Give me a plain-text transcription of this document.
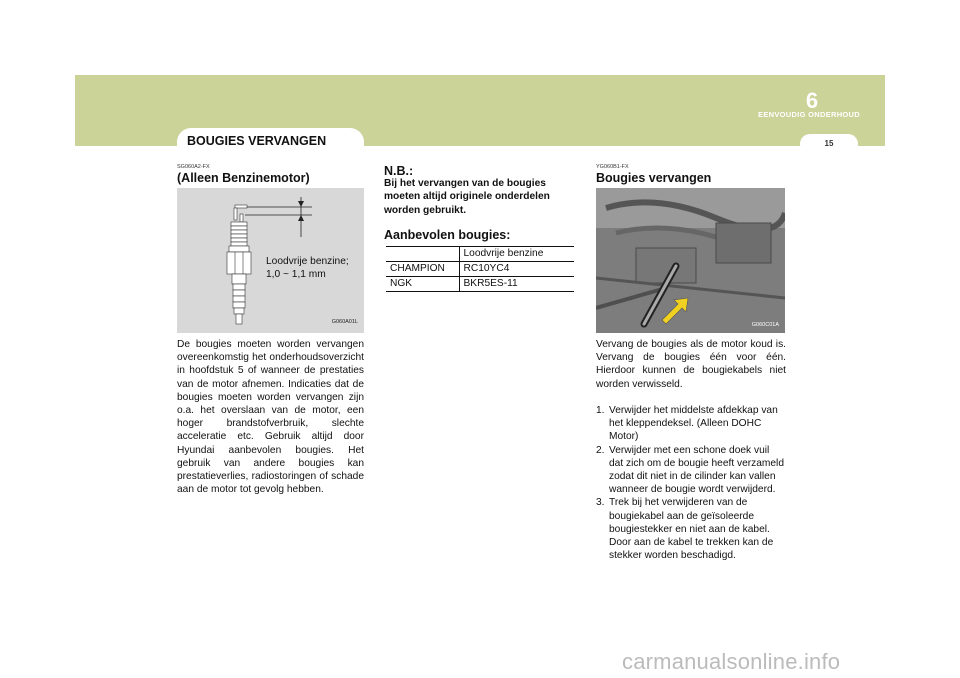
EENVOUDIG ONDERHOUD
6
15
BOUGIES VERVANGEN
SG060A2-FX
(Alleen Benzinemotor)
Loodvrije benzine;
1,0 ~ 1,1 mm
G060A01L
De bougies moeten worden vervangen overeenkomstig het onderhoudsoverzicht in hoofdstuk 5 of wanneer de prestaties van de motor afnemen. Indicaties dat de bougies moeten worden vervangen zijn o.a. het overslaan van de motor, een hoger brandstofverbruik, slechte acceleratie etc. Gebruik altijd door Hyundai aanbevolen bougies. Het gebruik van andere bougies kan prestatieverlies, radiostoringen of schade aan de motor tot gevolg hebben.
N.B.:
Bij het vervangen van de bougies moeten altijd originele onderdelen worden gebruikt.
Aanbevolen bougies:
	Loodvrije benzine
CHAMPION	RC10YC4
NGK	BKR5ES-11
YG060B1-FX
Bougies vervangen
G060C01A
Vervang de bougies als de motor koud is. Vervang de bougies één voor één. Hierdoor kunnen de bougiekabels niet worden verwisseld.
1. Verwijder het middelste afdekkap van het kleppendeksel. (Alleen DOHC Motor)
2. Verwijder met een schone doek vuil dat zich om de bougie heeft verzameld zodat dit niet in de cilinder kan vallen wanneer de bougie wordt verwijderd.
3. Trek bij het verwijderen van de bougiekabel aan de geïsoleerde bougiestekker en niet aan de kabel. Door aan de kabel te trekken kan de stekker worden beschadigd.
carmanualsonline.info
